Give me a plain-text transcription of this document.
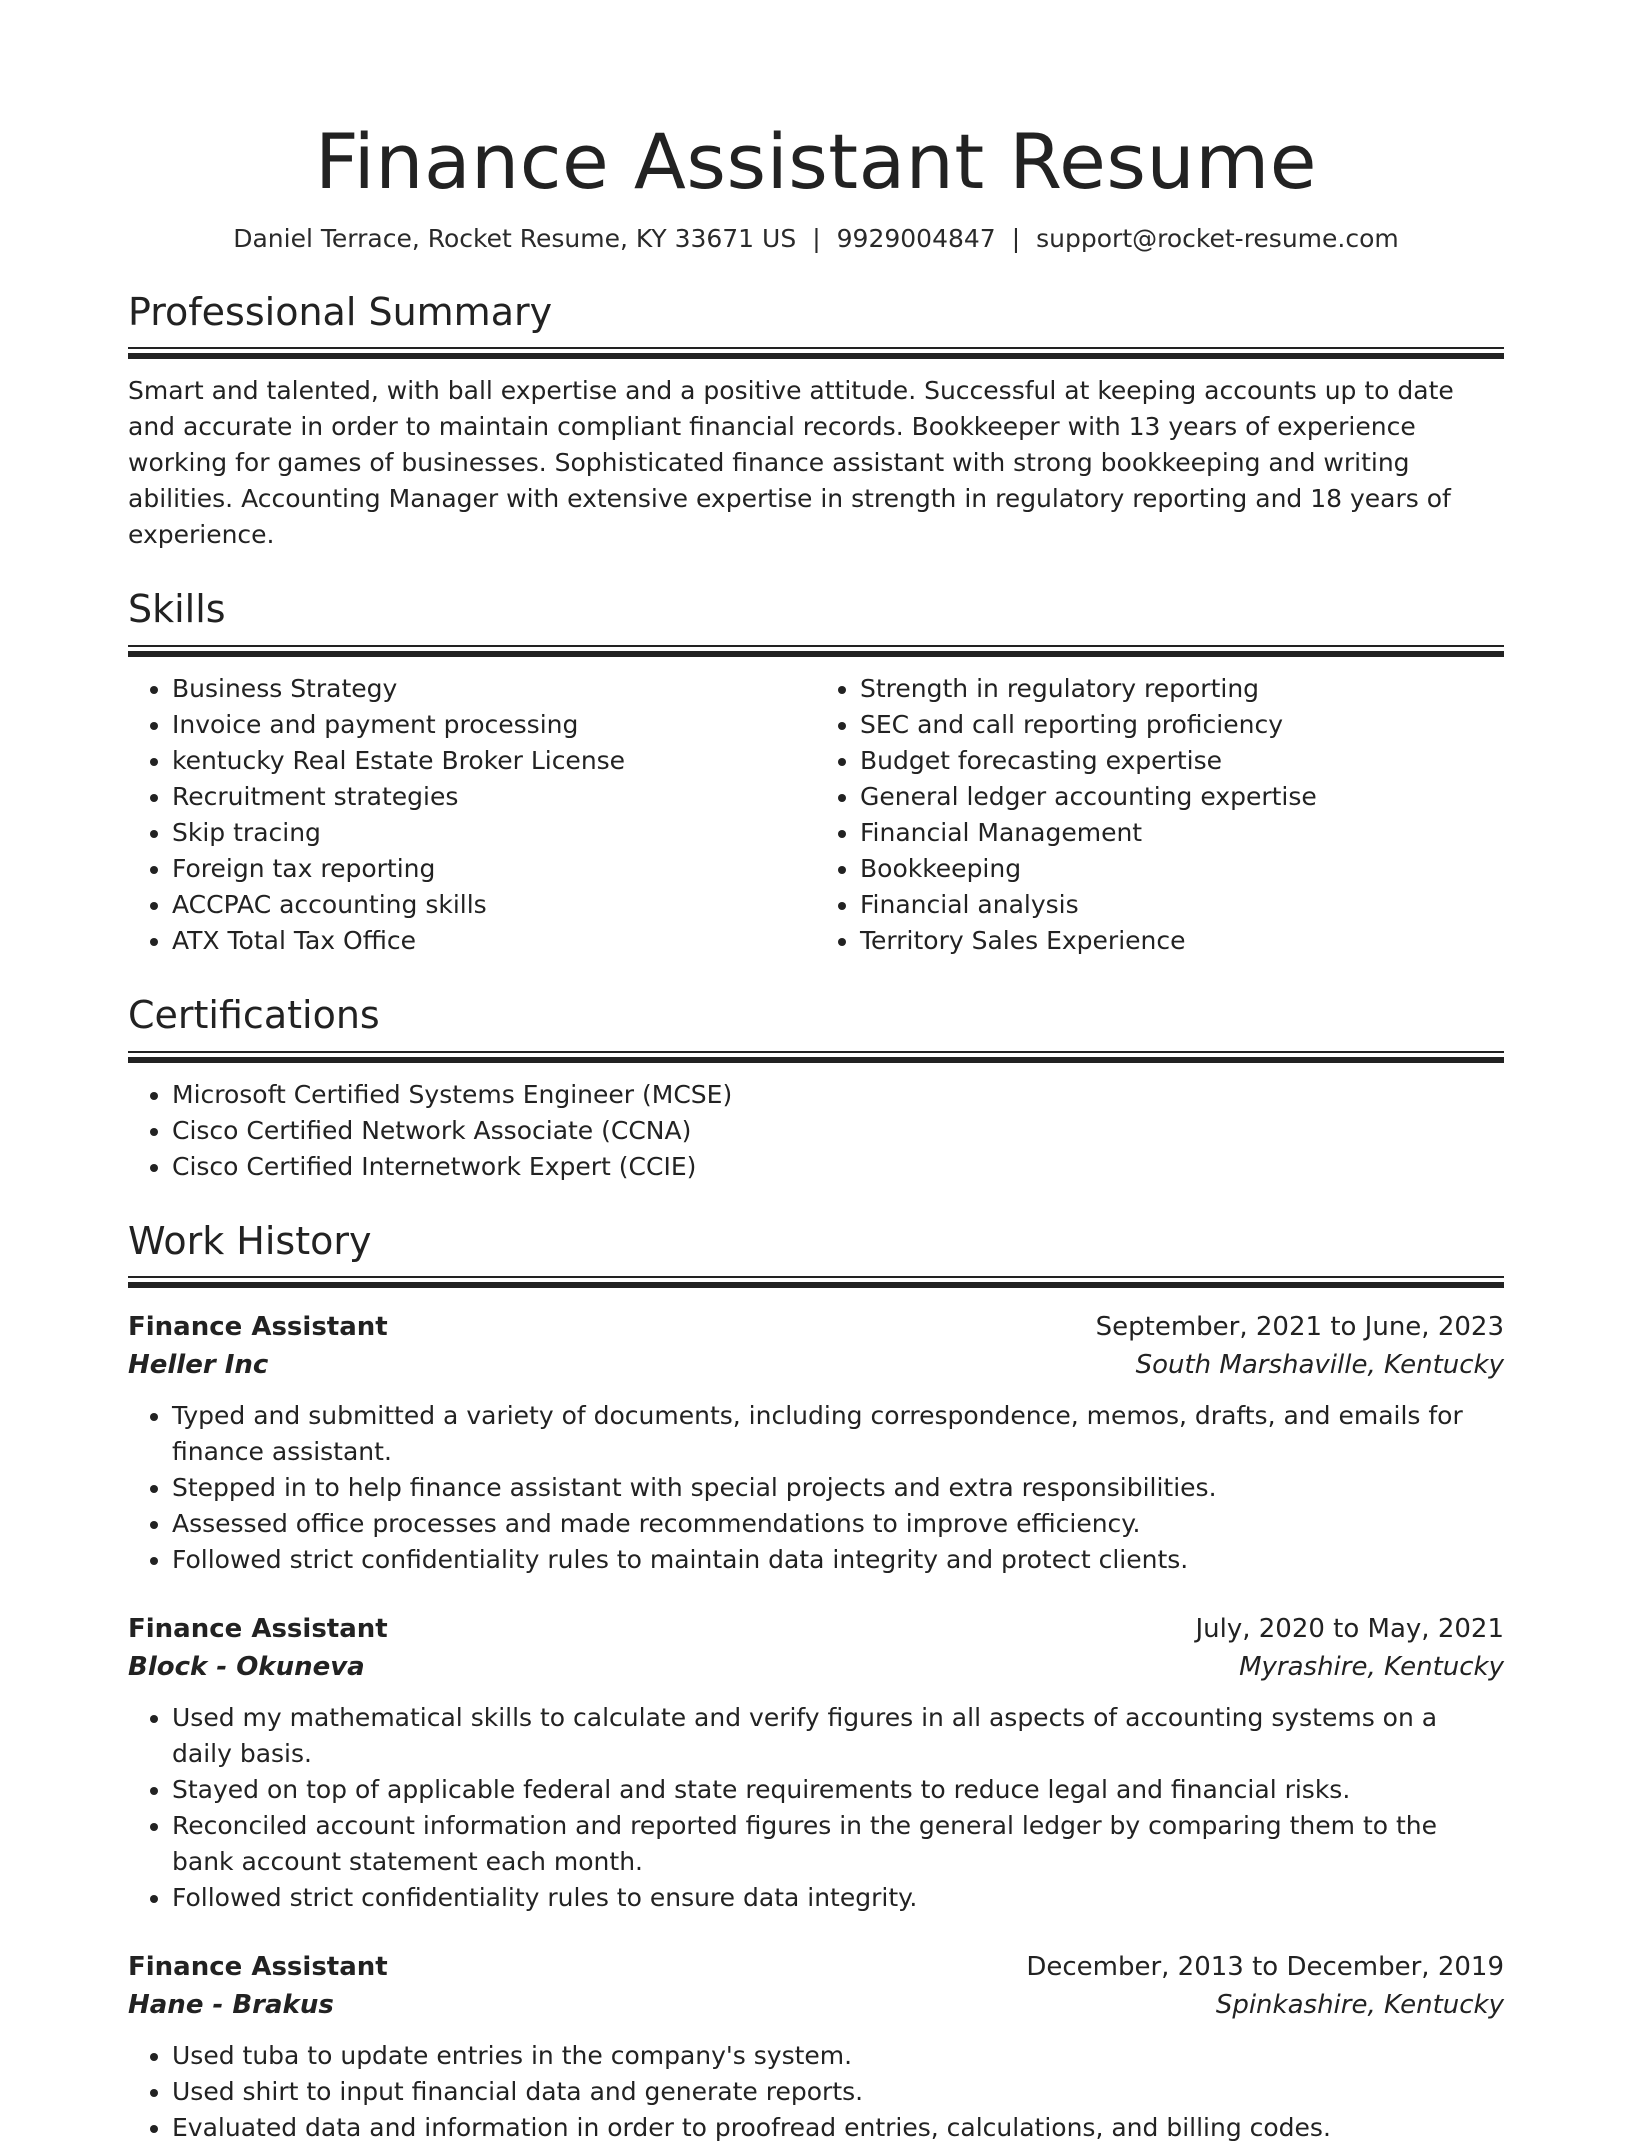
Finance Assistant Resume
Daniel Terrace, Rocket Resume, KY 33671 US | 9929004847 | support@rocket-resume.com
Professional Summary

Smart and talented, with ball expertise and a positive attitude. Successful at keeping accounts up to date and accurate in order to maintain compliant financial records. Bookkeeper with 13 years of experience working for games of businesses. Sophisticated finance assistant with strong bookkeeping and writing abilities. Accounting Manager with extensive expertise in strength in regulatory reporting and 18 years of experience.

Skills
• Business Strategy
• Invoice and payment processing
• kentucky Real Estate Broker License
• Recruitment strategies
• Skip tracing
• Foreign tax reporting
• ACCPAC accounting skills
• ATX Total Tax Office
• Strength in regulatory reporting
• SEC and call reporting proficiency
• Budget forecasting expertise
• General ledger accounting expertise
• Financial Management
• Bookkeeping
• Financial analysis
• Territory Sales Experience
Certifications
• Microsoft Certified Systems Engineer (MCSE)
• Cisco Certified Network Associate (CCNA)
• Cisco Certified Internetwork Expert (CCIE)
Work History
Finance Assistant	September, 2021 to June, 2023
Heller Inc	South Marshaville, Kentucky
• Typed and submitted a variety of documents, including correspondence, memos, drafts, and emails for finance assistant.
• Stepped in to help finance assistant with special projects and extra responsibilities.
• Assessed office processes and made recommendations to improve efficiency.
• Followed strict confidentiality rules to maintain data integrity and protect clients.
Finance Assistant	July, 2020 to May, 2021
Block - Okuneva	Myrashire, Kentucky
• Used my mathematical skills to calculate and verify figures in all aspects of accounting systems on a daily basis.
• Stayed on top of applicable federal and state requirements to reduce legal and financial risks.
• Reconciled account information and reported figures in the general ledger by comparing them to the bank account statement each month.
• Followed strict confidentiality rules to ensure data integrity.
Finance Assistant	December, 2013 to December, 2019
Hane - Brakus	Spinkashire, Kentucky
• Used tuba to update entries in the company's system.
• Used shirt to input financial data and generate reports.
• Evaluated data and information in order to proofread entries, calculations, and billing codes.
